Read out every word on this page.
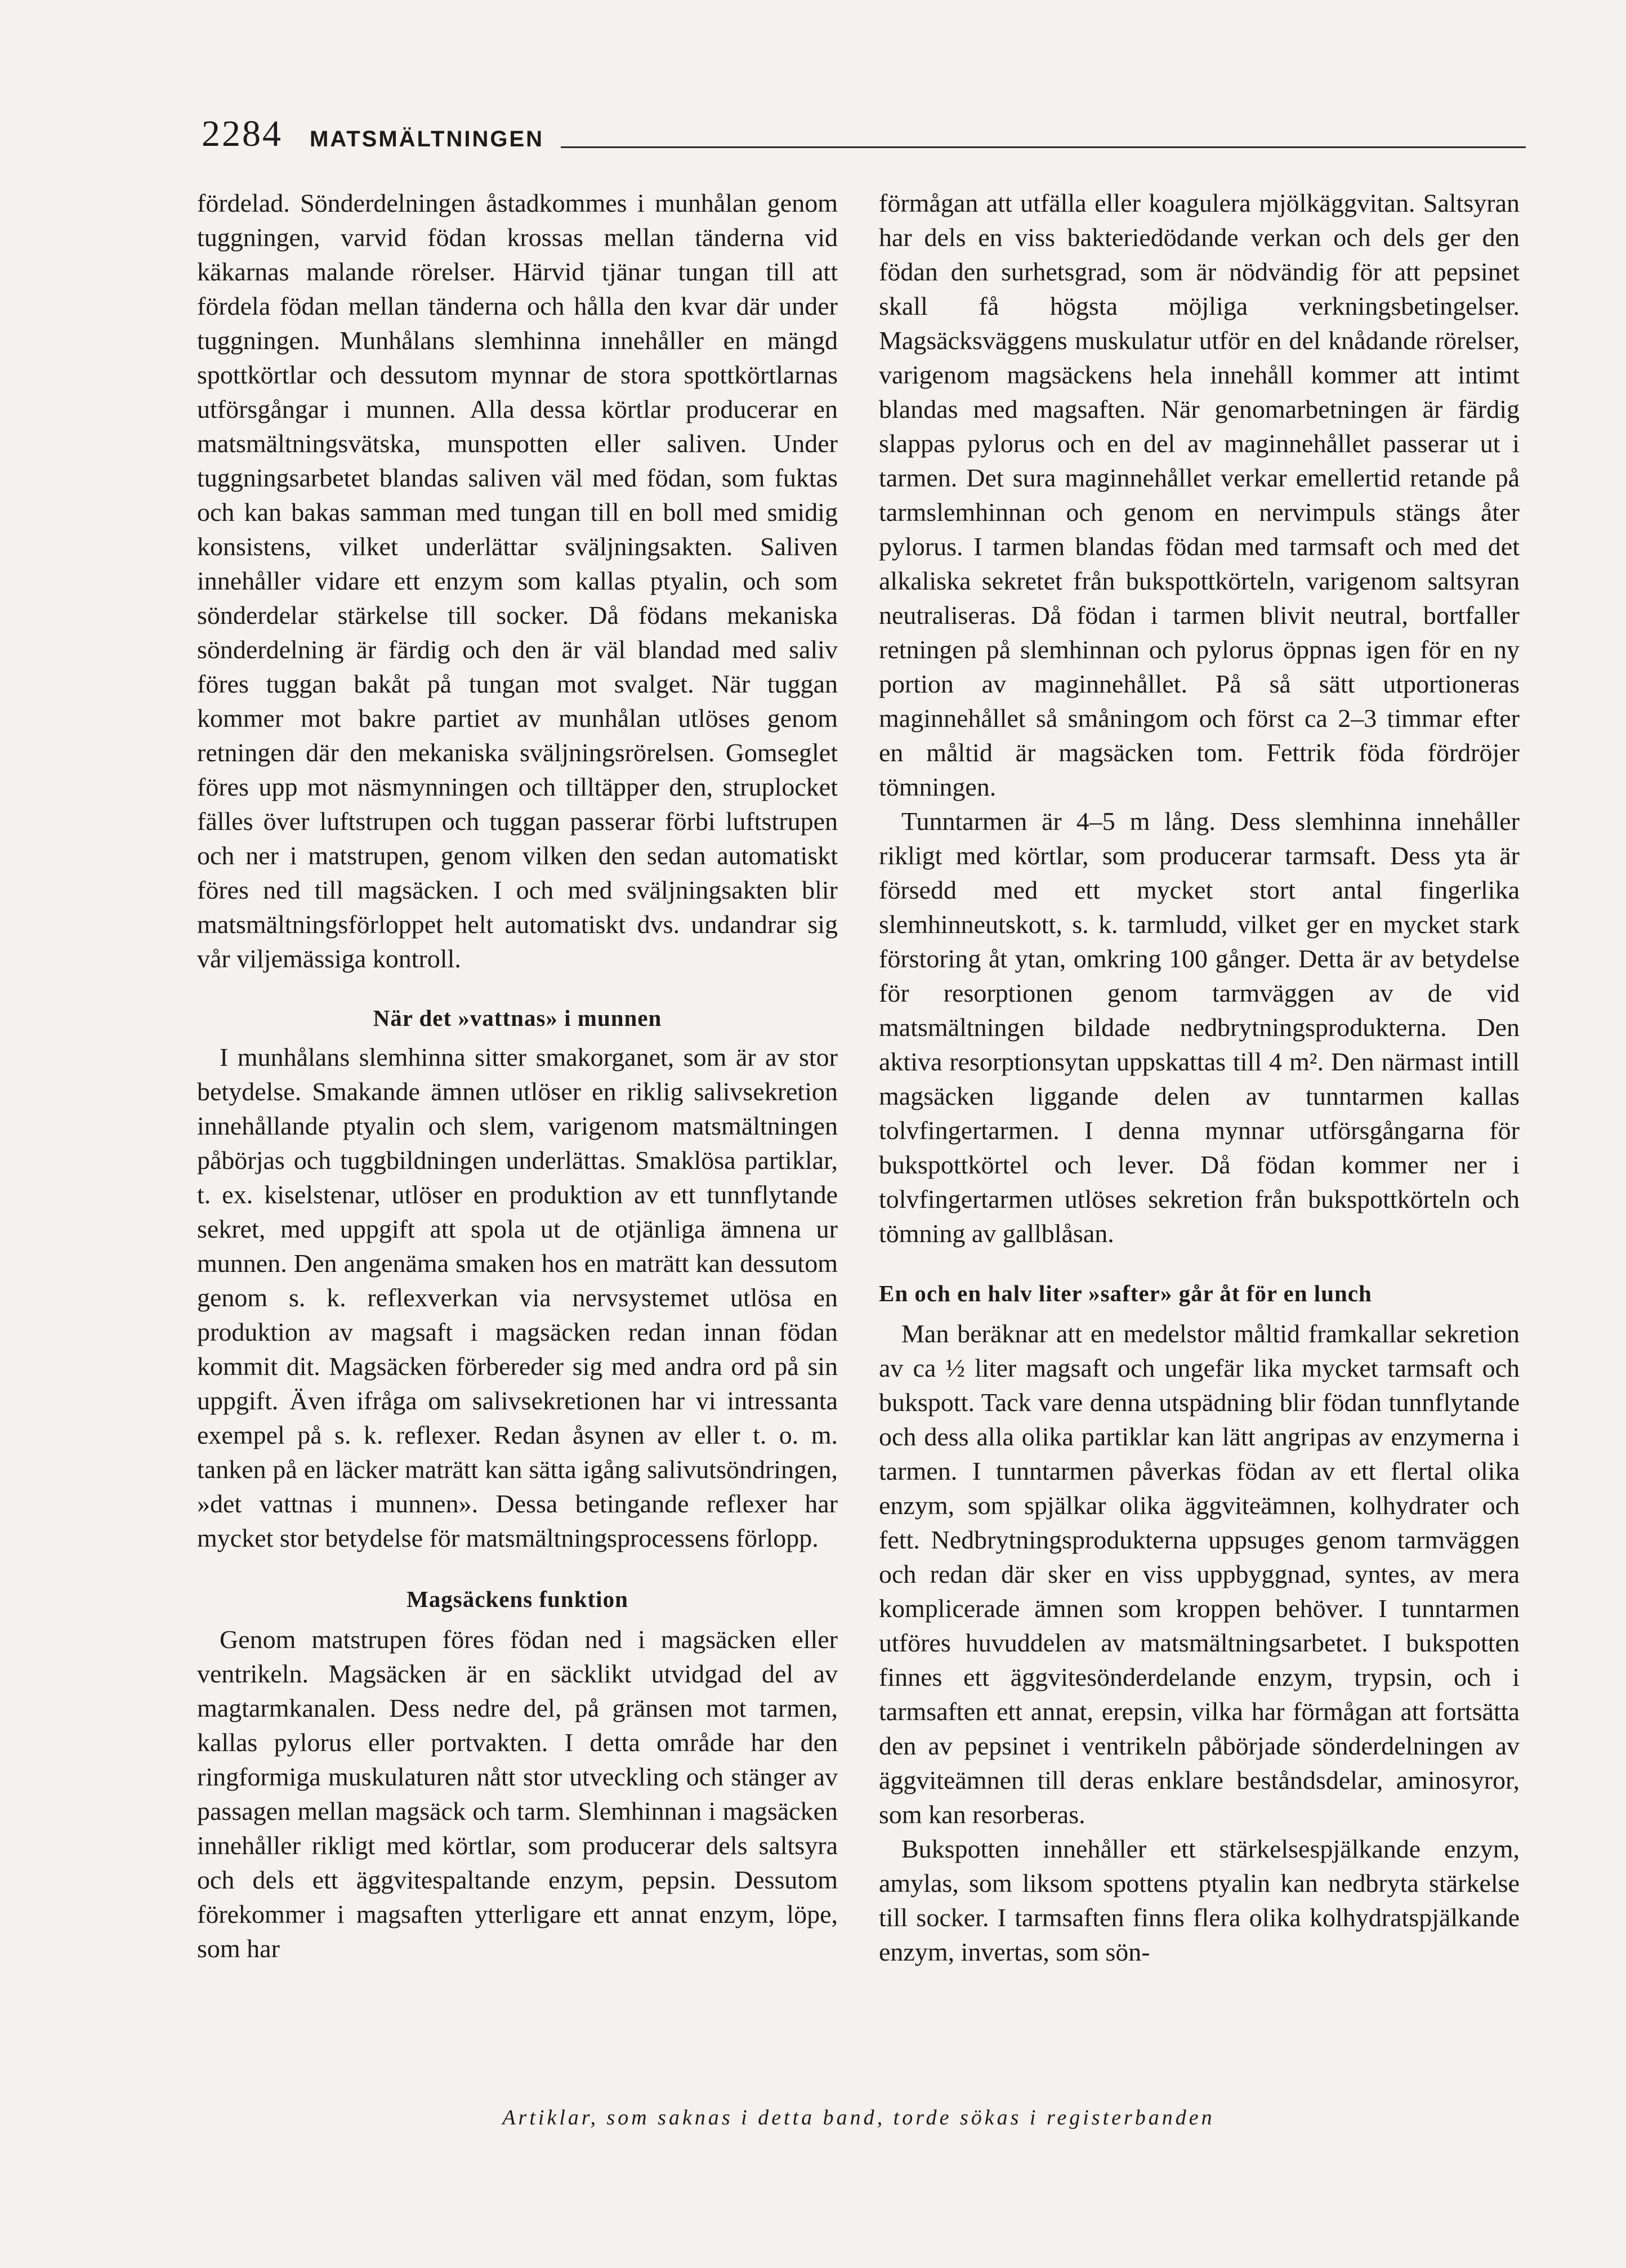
2284 MATSMÄLTNINGEN

fördelad. Sönderdelningen åstadkommes i munhålan genom tuggningen, varvid födan krossas mellan tänderna vid käkarnas malande rörelser. Härvid tjänar tungan till att fördela födan mellan tänderna och hålla den kvar där under tuggningen. Munhålans slemhinna innehåller en mängd spottkörtlar och dessutom mynnar de stora spottkörtlarnas utförsgångar i munnen. Alla dessa körtlar producerar en matsmältningsvätska, munspotten eller saliven. Under tuggningsarbetet blandas saliven väl med födan, som fuktas och kan bakas samman med tungan till en boll med smidig konsistens, vilket underlättar sväljningsakten. Saliven innehåller vidare ett enzym som kallas ptyalin, och som sönderdelar stärkelse till socker. Då födans mekaniska sönderdelning är färdig och den är väl blandad med saliv föres tuggan bakåt på tungan mot svalget. När tuggan kommer mot bakre partiet av munhålan utlöses genom retningen där den mekaniska sväljningsrörelsen. Gomseglet föres upp mot näsmynningen och tilltäpper den, struplocket fälles över luftstrupen och tuggan passerar förbi luftstrupen och ner i matstrupen, genom vilken den sedan automatiskt föres ned till magsäcken. I och med sväljningsakten blir matsmältningsförloppet helt automatiskt dvs. undandrar sig vår viljemässiga kontroll.

När det »vattnas» i munnen

I munhålans slemhinna sitter smakorganet, som är av stor betydelse. Smakande ämnen utlöser en riklig salivsekretion innehållande ptyalin och slem, varigenom matsmältningen påbörjas och tuggbildningen underlättas. Smaklösa partiklar, t. ex. kiselstenar, utlöser en produktion av ett tunnflytande sekret, med uppgift att spola ut de otjänliga ämnena ur munnen. Den angenäma smaken hos en maträtt kan dessutom genom s. k. reflexverkan via nervsystemet utlösa en produktion av magsaft i magsäcken redan innan födan kommit dit. Magsäcken förbereder sig med andra ord på sin uppgift. Även ifråga om salivsekretionen har vi intressanta exempel på s. k. reflexer. Redan åsynen av eller t. o. m. tanken på en läcker maträtt kan sätta igång salivutsöndringen, »det vattnas i munnen». Dessa betingande reflexer har mycket stor betydelse för matsmältningsprocessens förlopp.

Magsäckens funktion

Genom matstrupen föres födan ned i magsäcken eller ventrikeln. Magsäcken är en säcklikt utvidgad del av magtarmkanalen. Dess nedre del, på gränsen mot tarmen, kallas pylorus eller portvakten. I detta område har den ringformiga muskulaturen nått stor utveckling och stänger av passagen mellan magsäck och tarm. Slemhinnan i magsäcken innehåller rikligt med körtlar, som producerar dels saltsyra och dels ett äggvitespaltande enzym, pepsin. Dessutom förekommer i magsaften ytterligare ett annat enzym, löpe, som har

förmågan att utfälla eller koagulera mjölkäggvitan. Saltsyran har dels en viss bakteriedödande verkan och dels ger den födan den surhetsgrad, som är nödvändig för att pepsinet skall få högsta möjliga verkningsbetingelser. Magsäcksväggens muskulatur utför en del knådande rörelser, varigenom magsäckens hela innehåll kommer att intimt blandas med magsaften. När genomarbetningen är färdig slappas pylorus och en del av maginnehållet passerar ut i tarmen. Det sura maginnehållet verkar emellertid retande på tarmslemhinnan och genom en nervimpuls stängs åter pylorus. I tarmen blandas födan med tarmsaft och med det alkaliska sekretet från bukspottkörteln, varigenom saltsyran neutraliseras. Då födan i tarmen blivit neutral, bortfaller retningen på slemhinnan och pylorus öppnas igen för en ny portion av maginnehållet. På så sätt utportioneras maginnehållet så småningom och först ca 2–3 timmar efter en måltid är magsäcken tom. Fettrik föda fördröjer tömningen.

Tunntarmen är 4–5 m lång. Dess slemhinna innehåller rikligt med körtlar, som producerar tarmsaft. Dess yta är försedd med ett mycket stort antal fingerlika slemhinneutskott, s. k. tarmludd, vilket ger en mycket stark förstoring åt ytan, omkring 100 gånger. Detta är av betydelse för resorptionen genom tarmväggen av de vid matsmältningen bildade nedbrytningsprodukterna. Den aktiva resorptionsytan uppskattas till 4 m². Den närmast intill magsäcken liggande delen av tunntarmen kallas tolvfingertarmen. I denna mynnar utförsgångarna för bukspottkörtel och lever. Då födan kommer ner i tolvfingertarmen utlöses sekretion från bukspottkörteln och tömning av gallblåsan.

En och en halv liter »safter» går åt för en lunch

Man beräknar att en medelstor måltid framkallar sekretion av ca ½ liter magsaft och ungefär lika mycket tarmsaft och bukspott. Tack vare denna utspädning blir födan tunnflytande och dess alla olika partiklar kan lätt angripas av enzymerna i tarmen. I tunntarmen påverkas födan av ett flertal olika enzym, som spjälkar olika äggviteämnen, kolhydrater och fett. Nedbrytningsprodukterna uppsuges genom tarmväggen och redan där sker en viss uppbyggnad, syntes, av mera komplicerade ämnen som kroppen behöver. I tunntarmen utföres huvuddelen av matsmältningsarbetet. I bukspotten finnes ett äggvitesönderdelande enzym, trypsin, och i tarmsaften ett annat, erepsin, vilka har förmågan att fortsätta den av pepsinet i ventrikeln påbörjade sönderdelningen av äggviteämnen till deras enklare beståndsdelar, aminosyror, som kan resorberas.

Bukspotten innehåller ett stärkelsespjälkande enzym, amylas, som liksom spottens ptyalin kan nedbryta stärkelse till socker. I tarmsaften finns flera olika kolhydratspjälkande enzym, invertas, som sön-

Artiklar, som saknas i detta band, torde sökas i registerbanden
